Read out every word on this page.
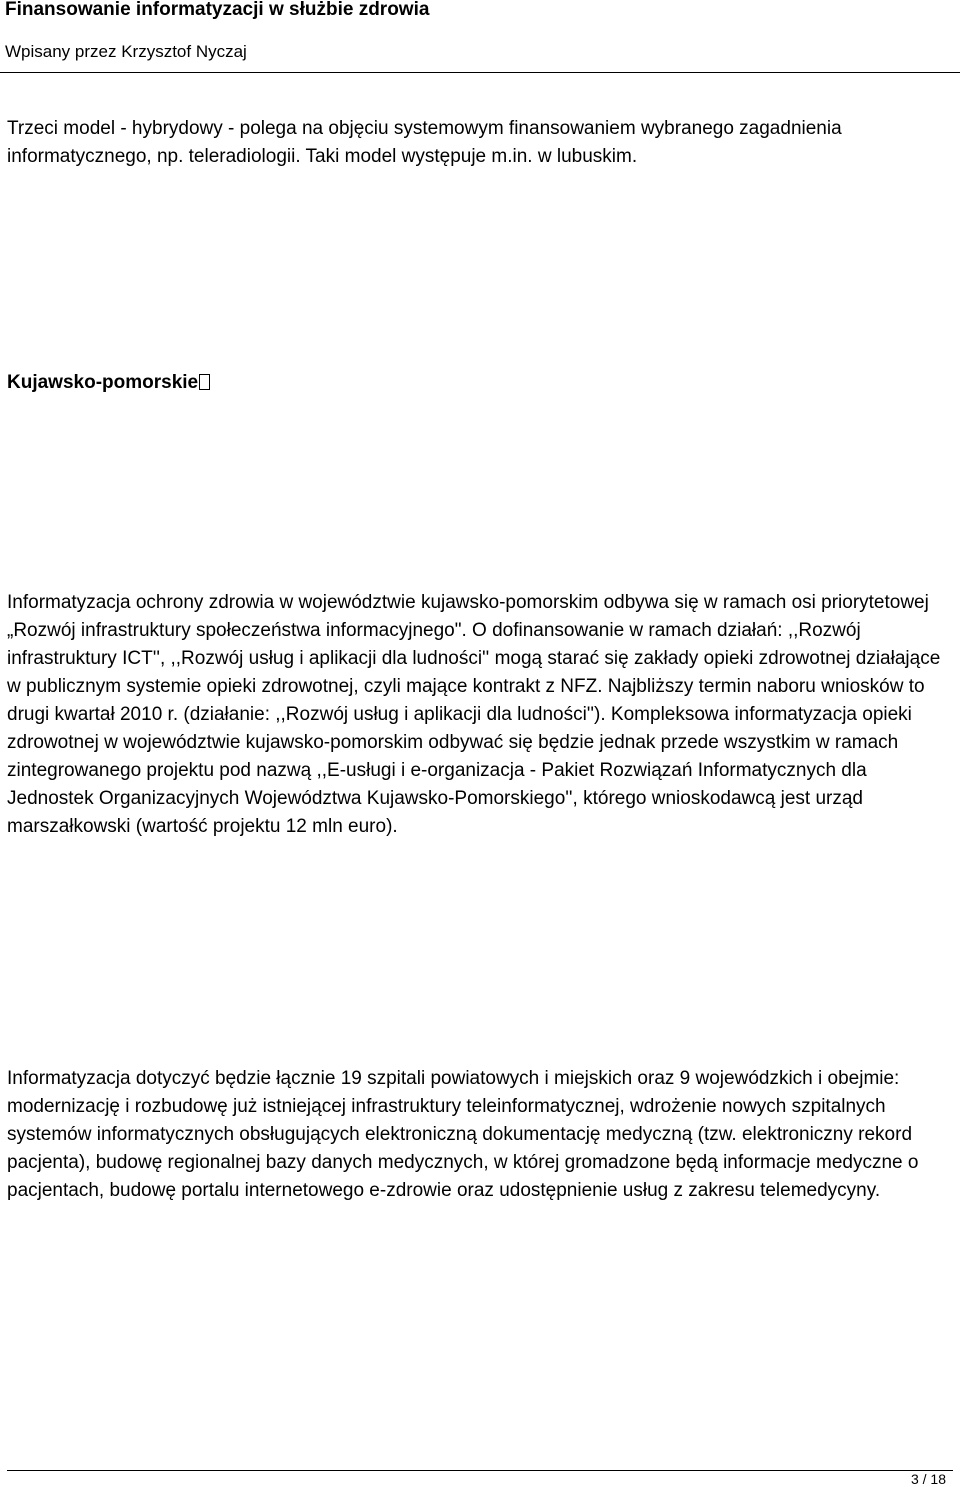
Finansowanie informatyzacji w służbie zdrowia
Wpisany przez Krzysztof Nyczaj

Trzeci model - hybrydowy - polega na objęciu systemowym finansowaniem wybranego zagadnienia informatycznego, np. teleradiologii. Taki model występuje m.in. w lubuskim.

Kujawsko-pomorskie

Informatyzacja ochrony zdrowia w województwie kujawsko-pomorskim odbywa się w ramach osi priorytetowej „Rozwój infrastruktury społeczeństwa informacyjnego". O dofinansowanie w ramach działań: ,,Rozwój infrastruktury ICT'', ,,Rozwój usług i aplikacji dla ludności'' mogą starać się zakłady opieki zdrowotnej działające w publicznym systemie opieki zdrowotnej, czyli mające kontrakt z NFZ. Najbliższy termin naboru wniosków to drugi kwartał 2010 r. (działanie: ,,Rozwój usług i aplikacji dla ludności''). Kompleksowa informatyzacja opieki zdrowotnej w województwie kujawsko-pomorskim odbywać się będzie jednak przede wszystkim w ramach zintegrowanego projektu pod nazwą ,,E-usługi i e-organizacja - Pakiet Rozwiązań Informatycznych dla Jednostek Organizacyjnych Województwa Kujawsko-Pomorskiego'', którego wnioskodawcą jest urząd marszałkowski (wartość projektu 12 mln euro).

Informatyzacja dotyczyć będzie łącznie 19 szpitali powiatowych i miejskich oraz 9 wojewódzkich i obejmie: modernizację i rozbudowę już istniejącej infrastruktury teleinformatycznej, wdrożenie nowych szpitalnych systemów informatycznych obsługujących elektroniczną dokumentację medyczną (tzw. elektroniczny rekord pacjenta), budowę regionalnej bazy danych medycznych, w której gromadzone będą informacje medyczne o pacjentach, budowę portalu internetowego e-zdrowie oraz udostępnienie usług z zakresu telemedycyny.

3 / 18
